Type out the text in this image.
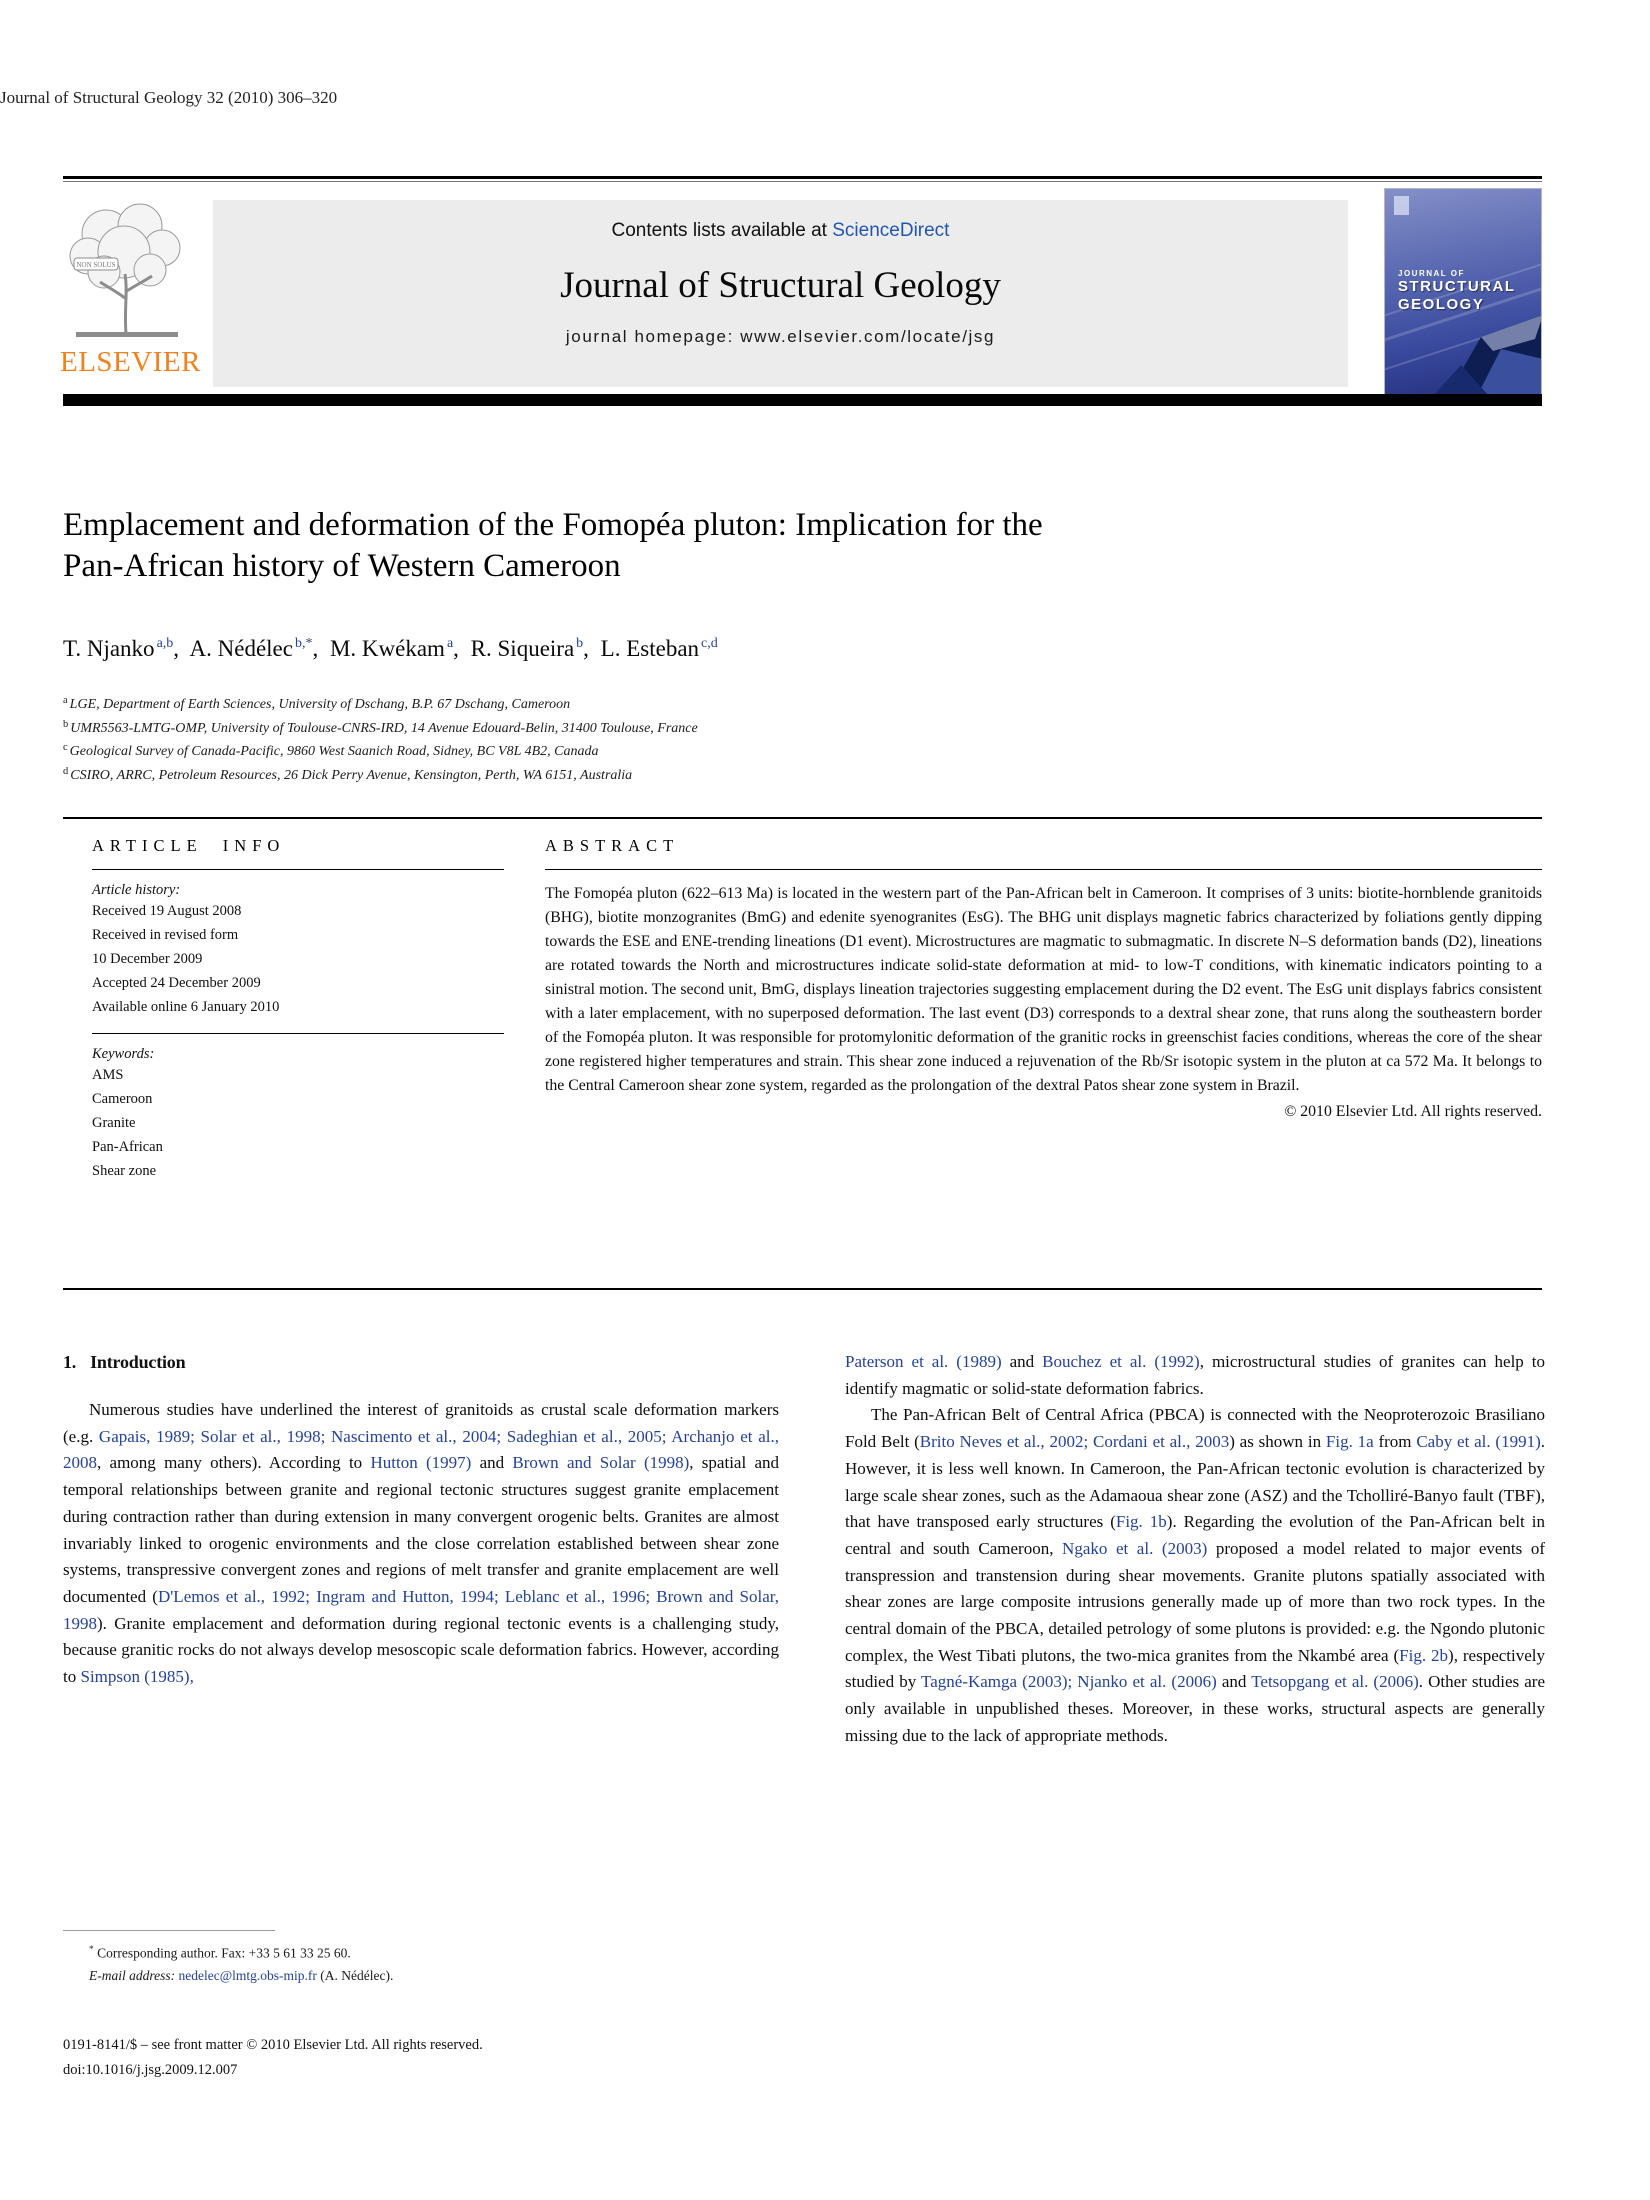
Journal of Structural Geology 32 (2010) 306–320
NON SOLUS
ELSEVIER
Contents lists available at ScienceDirect
Journal of Structural Geology
journal homepage: www.elsevier.com/locate/jsg
JOURNAL OF
STRUCTURAL
GEOLOGY
Emplacement and deformation of the Fomopéa pluton: Implication for the
Pan-African history of Western Cameroon
T. Njanko $^{a,b}$, A. Nédélec $^{b,*}$, M. Kwékam $^a$, R. Siqueira $^b$, L. Esteban $^{c,d}$
$^a$ LGE, Department of Earth Sciences, University of Dschang, B.P. 67 Dschang, Cameroon
$^b$ UMR5563-LMTG-OMP, University of Toulouse-CNRS-IRD, 14 Avenue Edouard-Belin, 31400 Toulouse, France
$^c$ Geological Survey of Canada-Pacific, 9860 West Saanich Road, Sidney, BC V8L 4B2, Canada
$^d$ CSIRO, ARRC, Petroleum Resources, 26 Dick Perry Avenue, Kensington, Perth, WA 6151, Australia
ARTICLE INFO
Article history:
Received 19 August 2008
Received in revised form
10 December 2009
Accepted 24 December 2009
Available online 6 January 2010
Keywords:
AMS
Cameroon
Granite
Pan-African
Shear zone
ABSTRACT
The Fomopéa pluton (622–613 Ma) is located in the western part of the Pan-African belt in Cameroon. It comprises of 3 units: biotite-hornblende granitoids (BHG), biotite monzogranites (BmG) and edenite syenogranites (EsG). The BHG unit displays magnetic fabrics characterized by foliations gently dipping towards the ESE and ENE-trending lineations (D1 event). Microstructures are magmatic to submagmatic. In discrete N–S deformation bands (D2), lineations are rotated towards the North and microstructures indicate solid-state deformation at mid- to low-T conditions, with kinematic indicators pointing to a sinistral motion. The second unit, BmG, displays lineation trajectories suggesting emplacement during the D2 event. The EsG unit displays fabrics consistent with a later emplacement, with no superposed deformation. The last event (D3) corresponds to a dextral shear zone, that runs along the southeastern border of the Fomopéa pluton. It was responsible for protomylonitic deformation of the granitic rocks in greenschist facies conditions, whereas the core of the shear zone registered higher temperatures and strain. This shear zone induced a rejuvenation of the Rb/Sr isotopic system in the pluton at ca 572 Ma. It belongs to the Central Cameroon shear zone system, regarded as the prolongation of the dextral Patos shear zone system in Brazil.
© 2010 Elsevier Ltd. All rights reserved.
1. Introduction

Numerous studies have underlined the interest of granitoids as crustal scale deformation markers (e.g. Gapais, 1989; Solar et al., 1998; Nascimento et al., 2004; Sadeghian et al., 2005; Archanjo et al., 2008, among many others). According to Hutton (1997) and Brown and Solar (1998), spatial and temporal relationships between granite and regional tectonic structures suggest granite emplacement during contraction rather than during extension in many convergent orogenic belts. Granites are almost invariably linked to orogenic environments and the close correlation established between shear zone systems, transpressive convergent zones and regions of melt transfer and granite emplacement are well documented (D'Lemos et al., 1992; Ingram and Hutton, 1994; Leblanc et al., 1996; Brown and Solar, 1998). Granite emplacement and deformation during regional tectonic events is a challenging study, because granitic rocks do not always develop mesoscopic scale deformation fabrics. However, according to Simpson (1985),

Paterson et al. (1989) and Bouchez et al. (1992), microstructural studies of granites can help to identify magmatic or solid-state deformation fabrics.

The Pan-African Belt of Central Africa (PBCA) is connected with the Neoproterozoic Brasiliano Fold Belt (Brito Neves et al., 2002; Cordani et al., 2003) as shown in Fig. 1a from Caby et al. (1991). However, it is less well known. In Cameroon, the Pan-African tectonic evolution is characterized by large scale shear zones, such as the Adamaoua shear zone (ASZ) and the Tcholliré-Banyo fault (TBF), that have transposed early structures (Fig. 1b). Regarding the evolution of the Pan-African belt in central and south Cameroon, Ngako et al. (2003) proposed a model related to major events of transpression and transtension during shear movements. Granite plutons spatially associated with shear zones are large composite intrusions generally made up of more than two rock types. In the central domain of the PBCA, detailed petrology of some plutons is provided: e.g. the Ngondo plutonic complex, the West Tibati plutons, the two-mica granites from the Nkambé area (Fig. 2b), respectively studied by Tagné-Kamga (2003); Njanko et al. (2006) and Tetsopgang et al. (2006). Other studies are only available in unpublished theses. Moreover, in these works, structural aspects are generally missing due to the lack of appropriate methods.

* Corresponding author. Fax: +33 5 61 33 25 60.
E-mail address: nedelec@lmtg.obs-mip.fr (A. Nédélec).
0191-8141/$ – see front matter © 2010 Elsevier Ltd. All rights reserved.
doi:10.1016/j.jsg.2009.12.007
